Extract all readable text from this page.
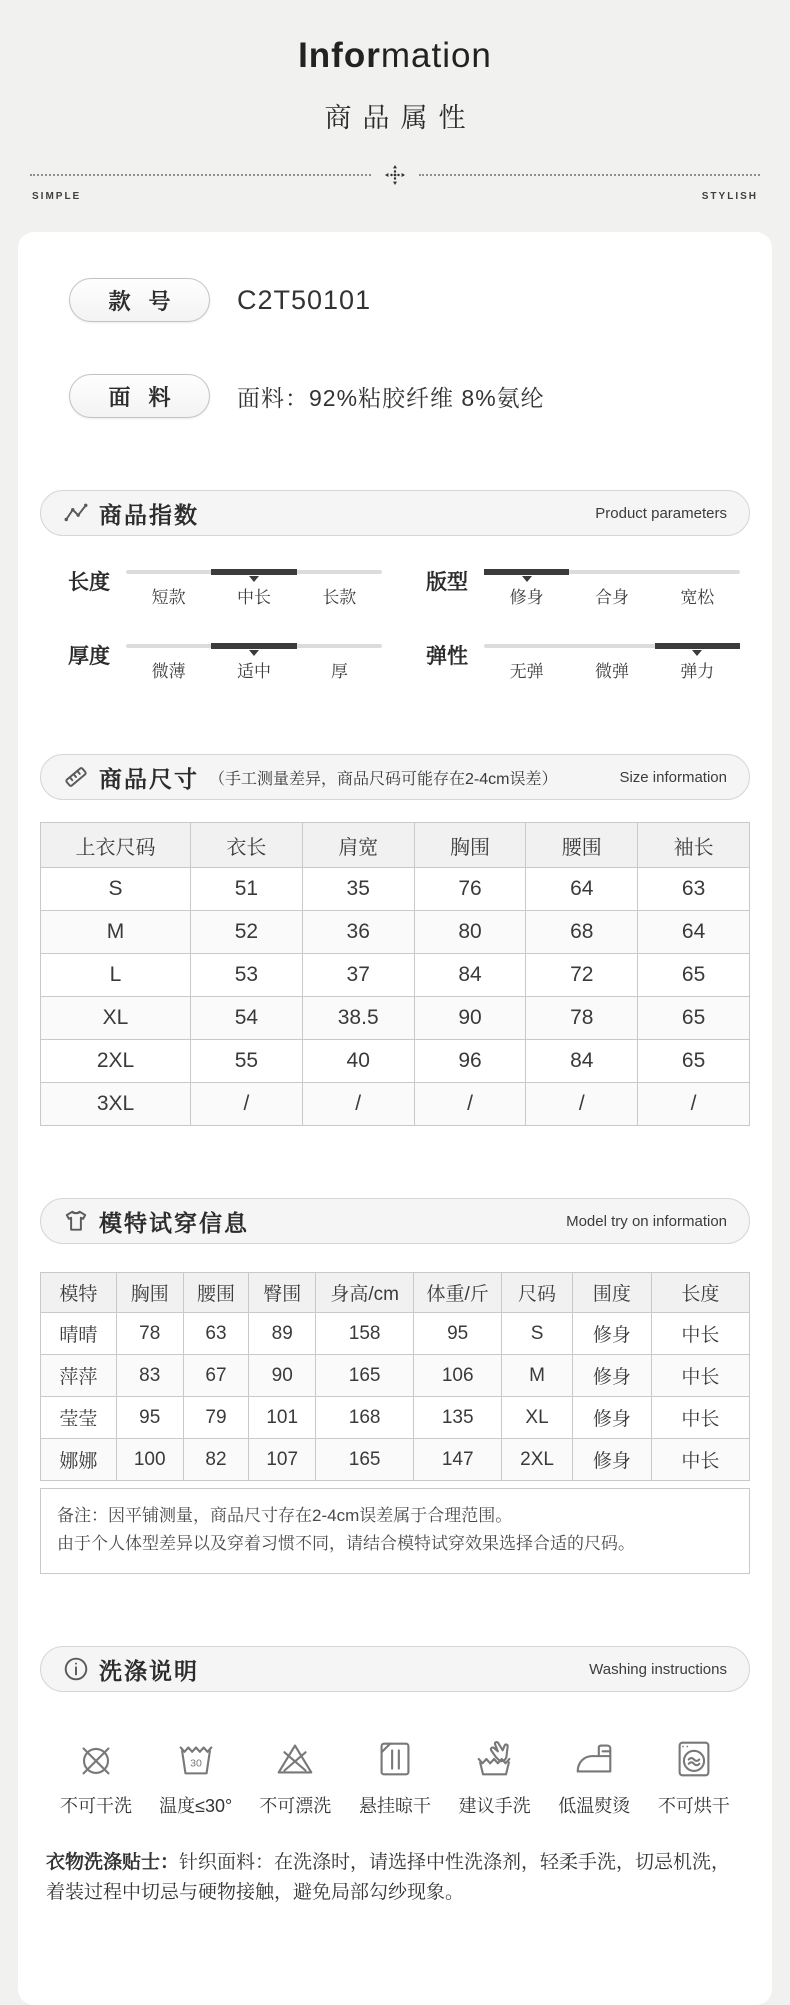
Information
商品属性
SIMPLE	STYLISH
款 号	C2T50101
面 料	面料：92%粘胶纤维 8%氨纶
商品指数	Product parameters
长度
短款	中长	长款
版型
修身	合身	宽松
厚度
微薄	适中	厚
弹性
无弹	微弹	弹力
商品尺寸 （手工测量差异，商品尺码可能存在2-4cm误差）	Size information
上衣尺码	衣长	肩宽	胸围	腰围	袖长
S	51	35	76	64	63
M	52	36	80	68	64
L	53	37	84	72	65
XL	54	38.5	90	78	65
2XL	55	40	96	84	65
3XL	/	/	/	/	/
模特试穿信息	Model try on information
模特	胸围	腰围	臀围	身高/cm	体重/斤	尺码	围度	长度
晴晴	78	63	89	158	95	S	修身	中长
萍萍	83	67	90	165	106	M	修身	中长
莹莹	95	79	101	168	135	XL	修身	中长
娜娜	100	82	107	165	147	2XL	修身	中长
备注：因平铺测量，商品尺寸存在2-4cm误差属于合理范围。
由于个人体型差异以及穿着习惯不同，请结合模特试穿效果选择合适的尺码。
洗涤说明	Washing instructions
不可干洗
30
温度≤30° 不可漂洗 悬挂晾干 建议手洗 低温熨烫 不可烘干
衣物洗涤贴士：针织面料：在洗涤时，请选择中性洗涤剂，轻柔手洗，切忌机洗，着装过程中切忌与硬物接触，避免局部勾纱现象。
